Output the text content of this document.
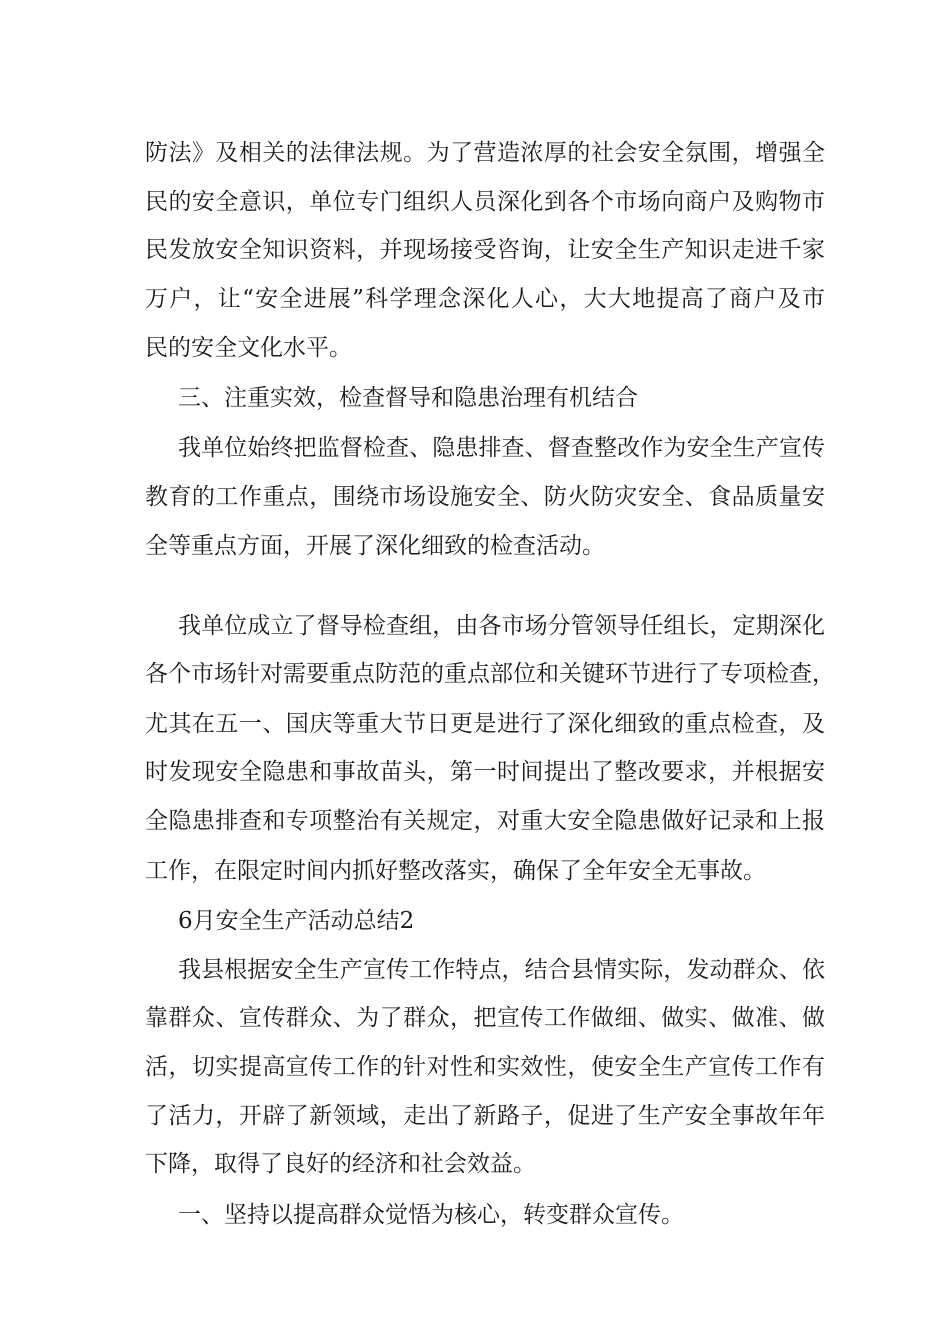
防法》及相关的法律法规。为了营造浓厚的社会安全氛围，增强全
民的安全意识，单位专门组织人员深化到各个市场向商户及购物市
民发放安全知识资料，并现场接受咨询，让安全生产知识走进千家
万户，让“安全进展”科学理念深化人心，大大地提高了商户及市
民的安全文化水平。
三、注重实效，检查督导和隐患治理有机结合
我单位始终把监督检查、隐患排查、督查整改作为安全生产宣传
教育的工作重点，围绕市场设施安全、防火防灾安全、食品质量安
全等重点方面，开展了深化细致的检查活动。
我单位成立了督导检查组，由各市场分管领导任组长，定期深化
各个市场针对需要重点防范的重点部位和关键环节进行了专项检查，
尤其在五一、国庆等重大节日更是进行了深化细致的重点检查，及
时发现安全隐患和事故苗头，第一时间提出了整改要求，并根据安
全隐患排查和专项整治有关规定，对重大安全隐患做好记录和上报
工作，在限定时间内抓好整改落实，确保了全年安全无事故。
6月安全生产活动总结2
我县根据安全生产宣传工作特点，结合县情实际，发动群众、依
靠群众、宣传群众、为了群众，把宣传工作做细、做实、做准、做
活，切实提高宣传工作的针对性和实效性，使安全生产宣传工作有
了活力，开辟了新领域，走出了新路子，促进了生产安全事故年年
下降，取得了良好的经济和社会效益。
一、坚持以提高群众觉悟为核心，转变群众宣传。
